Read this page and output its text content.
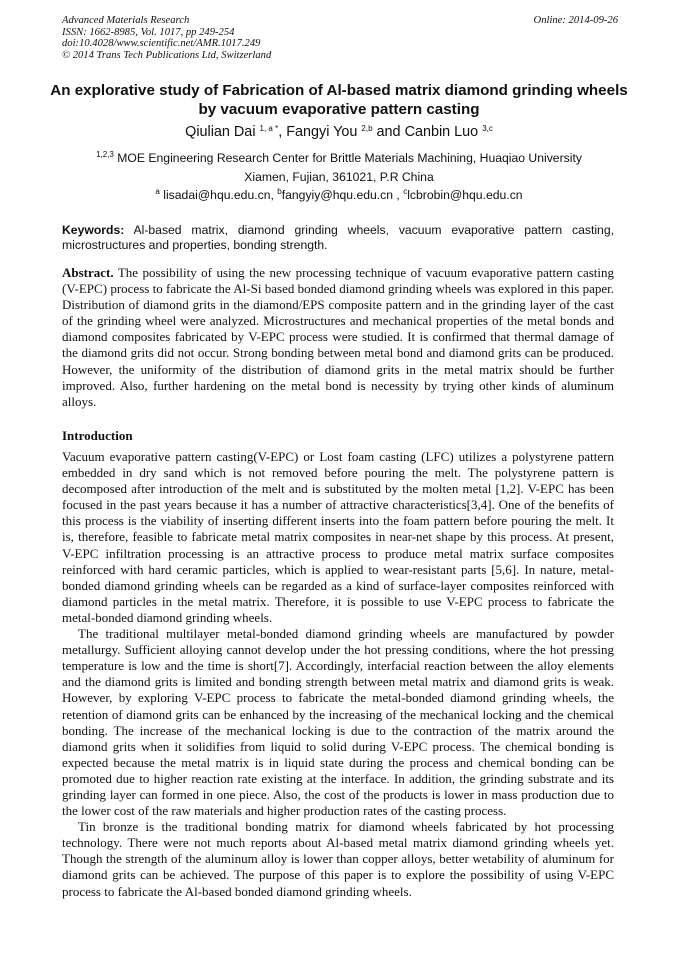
Advanced Materials Research
ISSN: 1662-8985, Vol. 1017, pp 249-254
doi:10.4028/www.scientific.net/AMR.1017.249
© 2014 Trans Tech Publications Ltd, Switzerland
Online: 2014-09-26
An explorative study of Fabrication of Al-based matrix diamond grinding wheels by vacuum evaporative pattern casting
Qiulian Dai $^{1, a *}$, Fangyi You $^{2,b}$ and Canbin Luo $^{3,c}$
$^{1,2,3}$ MOE Engineering Research Center for Brittle Materials Machining, Huaqiao University
Xiamen, Fujian, 361021, P.R China
$^a$ lisadai@hqu.edu.cn, $^b$fangyiy@hqu.edu.cn , $^c$lcbrobin@hqu.edu.cn
Keywords: Al-based matrix, diamond grinding wheels, vacuum evaporative pattern casting, microstructures and properties, bonding strength.
Abstract. The possibility of using the new processing technique of vacuum evaporative pattern casting (V-EPC) process to fabricate the Al-Si based bonded diamond grinding wheels was explored in this paper. Distribution of diamond grits in the diamond/EPS composite pattern and in the grinding layer of the cast of the grinding wheel were analyzed. Microstructures and mechanical properties of the metal bonds and diamond composites fabricated by V-EPC process were studied. It is confirmed that thermal damage of the diamond grits did not occur. Strong bonding between metal bond and diamond grits can be produced. However, the uniformity of the distribution of diamond grits in the metal matrix should be further improved. Also, further hardening on the metal bond is necessity by trying other kinds of aluminum alloys.
Introduction

Vacuum evaporative pattern casting(V-EPC) or Lost foam casting (LFC) utilizes a polystyrene pattern embedded in dry sand which is not removed before pouring the melt. The polystyrene pattern is decomposed after introduction of the melt and is substituted by the molten metal [1,2]. V-EPC has been focused in the past years because it has a number of attractive characteristics[3,4]. One of the benefits of this process is the viability of inserting different inserts into the foam pattern before pouring the melt. It is, therefore, feasible to fabricate metal matrix composites in near-net shape by this process. At present, V-EPC infiltration processing is an attractive process to produce metal matrix surface composites reinforced with hard ceramic particles, which is applied to wear-resistant parts [5,6]. In nature, metal-bonded diamond grinding wheels can be regarded as a kind of surface-layer composites reinforced with diamond particles in the metal matrix. Therefore, it is possible to use V-EPC process to fabricate the metal-bonded diamond grinding wheels.

The traditional multilayer metal-bonded diamond grinding wheels are manufactured by powder metallurgy. Sufficient alloying cannot develop under the hot pressing conditions, where the hot pressing temperature is low and the time is short[7]. Accordingly, interfacial reaction between the alloy elements and the diamond grits is limited and bonding strength between metal matrix and diamond grits is weak. However, by exploring V-EPC process to fabricate the metal-bonded diamond grinding wheels, the retention of diamond grits can be enhanced by the increasing of the mechanical locking and the chemical bonding. The increase of the mechanical locking is due to the contraction of the matrix around the diamond grits when it solidifies from liquid to solid during V-EPC process. The chemical bonding is expected because the metal matrix is in liquid state during the process and chemical bonding can be promoted due to higher reaction rate existing at the interface. In addition, the grinding substrate and its grinding layer can formed in one piece. Also, the cost of the products is lower in mass production due to the lower cost of the raw materials and higher production rates of the casting process.

Tin bronze is the traditional bonding matrix for diamond wheels fabricated by hot processing technology. There were not much reports about Al-based metal matrix diamond grinding wheels yet. Though the strength of the aluminum alloy is lower than copper alloys, better wetability of aluminum for diamond grits can be achieved. The purpose of this paper is to explore the possibility of using V-EPC process to fabricate the Al-based bonded diamond grinding wheels.
